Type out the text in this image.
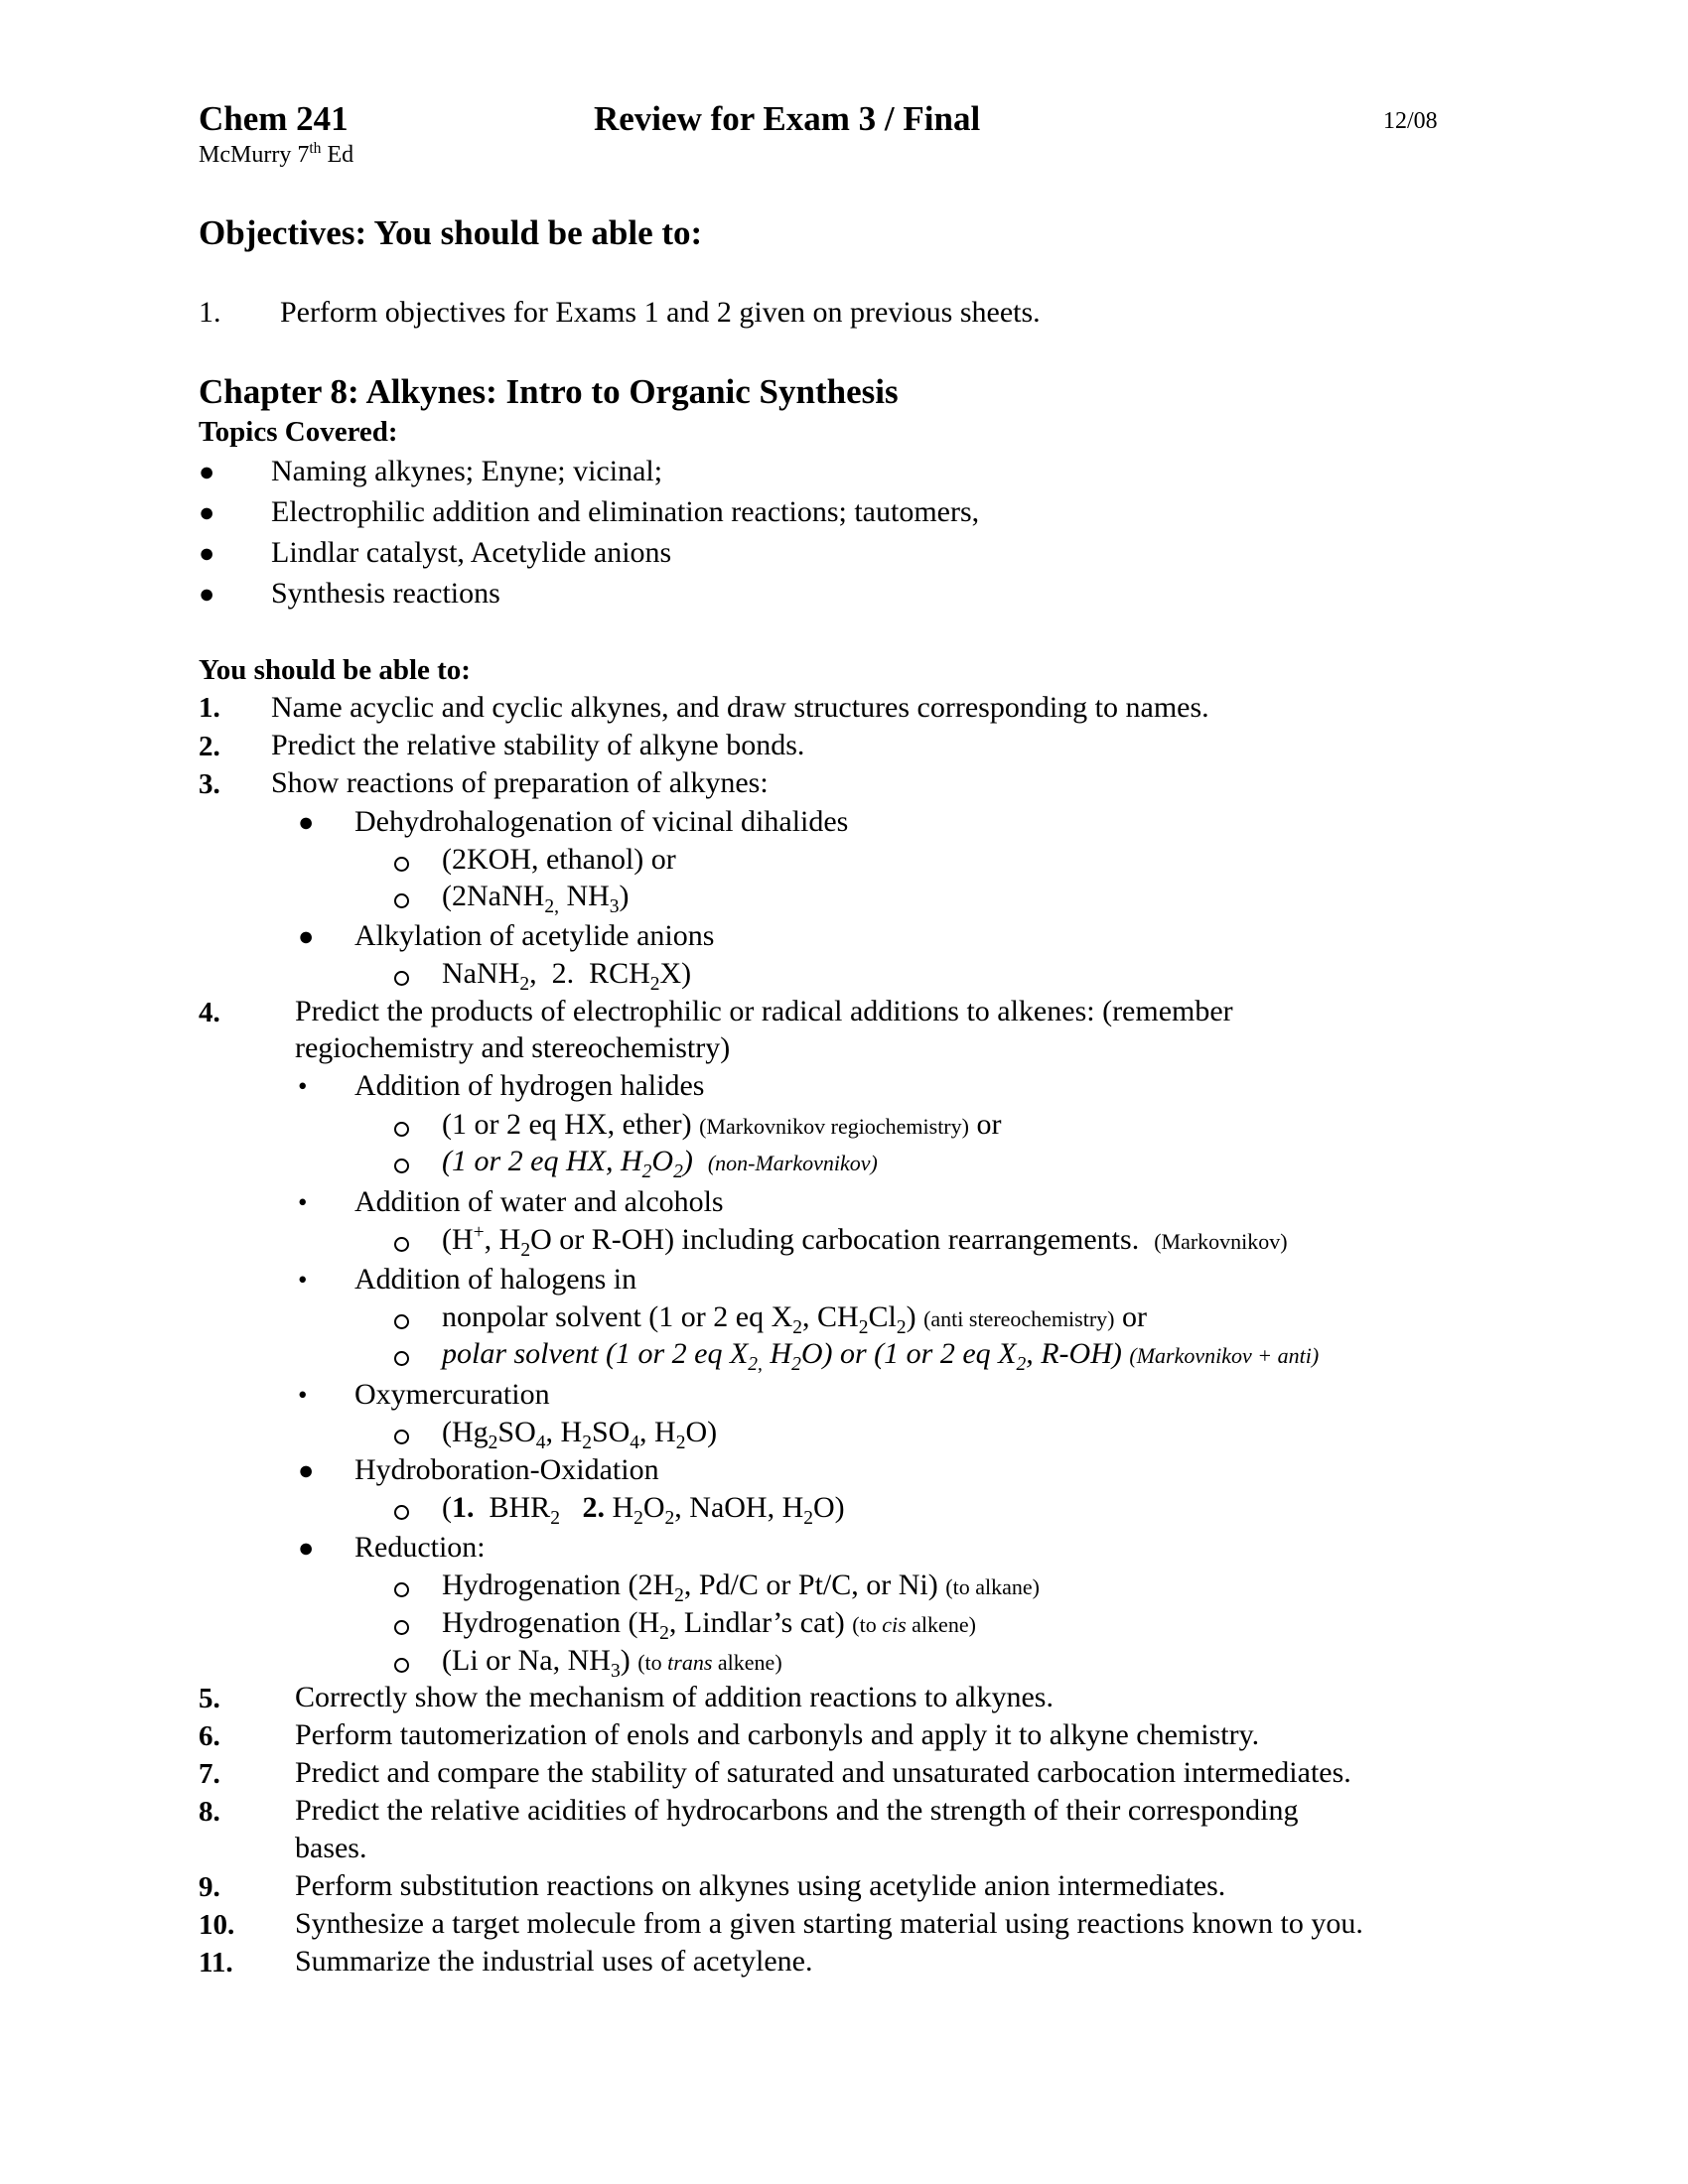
Chem 241	Review for Exam 3 / Final	12/08
McMurry 7th Ed
Objectives: You should be able to:
1. Perform objectives for Exams 1 and 2 given on previous sheets.
Chapter 8: Alkynes: Intro to Organic Synthesis
Topics Covered:
● Naming alkynes; Enyne; vicinal;
● Electrophilic addition and elimination reactions; tautomers,
● Lindlar catalyst, Acetylide anions
● Synthesis reactions
You should be able to:
1. Name acyclic and cyclic alkynes, and draw structures corresponding to names.
2. Predict the relative stability of alkyne bonds.
3. Show reactions of preparation of alkynes:
● Dehydrohalogenation of vicinal dihalides
(2KOH, ethanol) or
(2NaNH$_{2,}$ $NH_3$)
● Alkylation of acetylide anions
NaNH$_2$,  2.  $RCH_2X$)
4.	Predict the products of electrophilic or radical additions to alkenes: (remember
regiochemistry and stereochemistry)
• Addition of hydrogen halides
(1 or 2 eq HX, ether) (Markovnikov regiochemistry) or
(1 or 2 eq HX, $H_2O_2$)  (non-Markovnikov)
• Addition of water and alcohols
(H+, $H_2O$ or R-OH) including carbocation rearrangements.  (Markovnikov)
• Addition of halogens in
nonpolar solvent (1 or 2 eq $X_2$, $CH_2Cl_2$) (anti stereochemistry) or
polar solvent (1 or 2 eq $X_{2,}$ $H_2O$) or (1 or 2 eq $X_2$, R-OH) (Markovnikov + anti)
• Oxymercuration
($Hg_2SO_4$, $H_2SO_4$, $H_2O$)
● Hydroboration-Oxidation
(1.  $BHR_2$ 2. $H_2O_2$, NaOH, $H_2O$)
● Reduction:
Hydrogenation ($2H_2$, Pd/C or Pt/C, or Ni) (to alkane)
Hydrogenation ($H_2$, Lindlar’s cat) (to cis alkene)
(Li or Na, $NH_3$) (to trans alkene)
5.	Correctly show the mechanism of addition reactions to alkynes.
6.	Perform tautomerization of enols and carbonyls and apply it to alkyne chemistry.
7.	Predict and compare the stability of saturated and unsaturated carbocation intermediates.
8.	Predict the relative acidities of hydrocarbons and the strength of their corresponding
bases.
9.	Perform substitution reactions on alkynes using acetylide anion intermediates.
10. Synthesize a target molecule from a given starting material using reactions known to you.
11. Summarize the industrial uses of acetylene.
